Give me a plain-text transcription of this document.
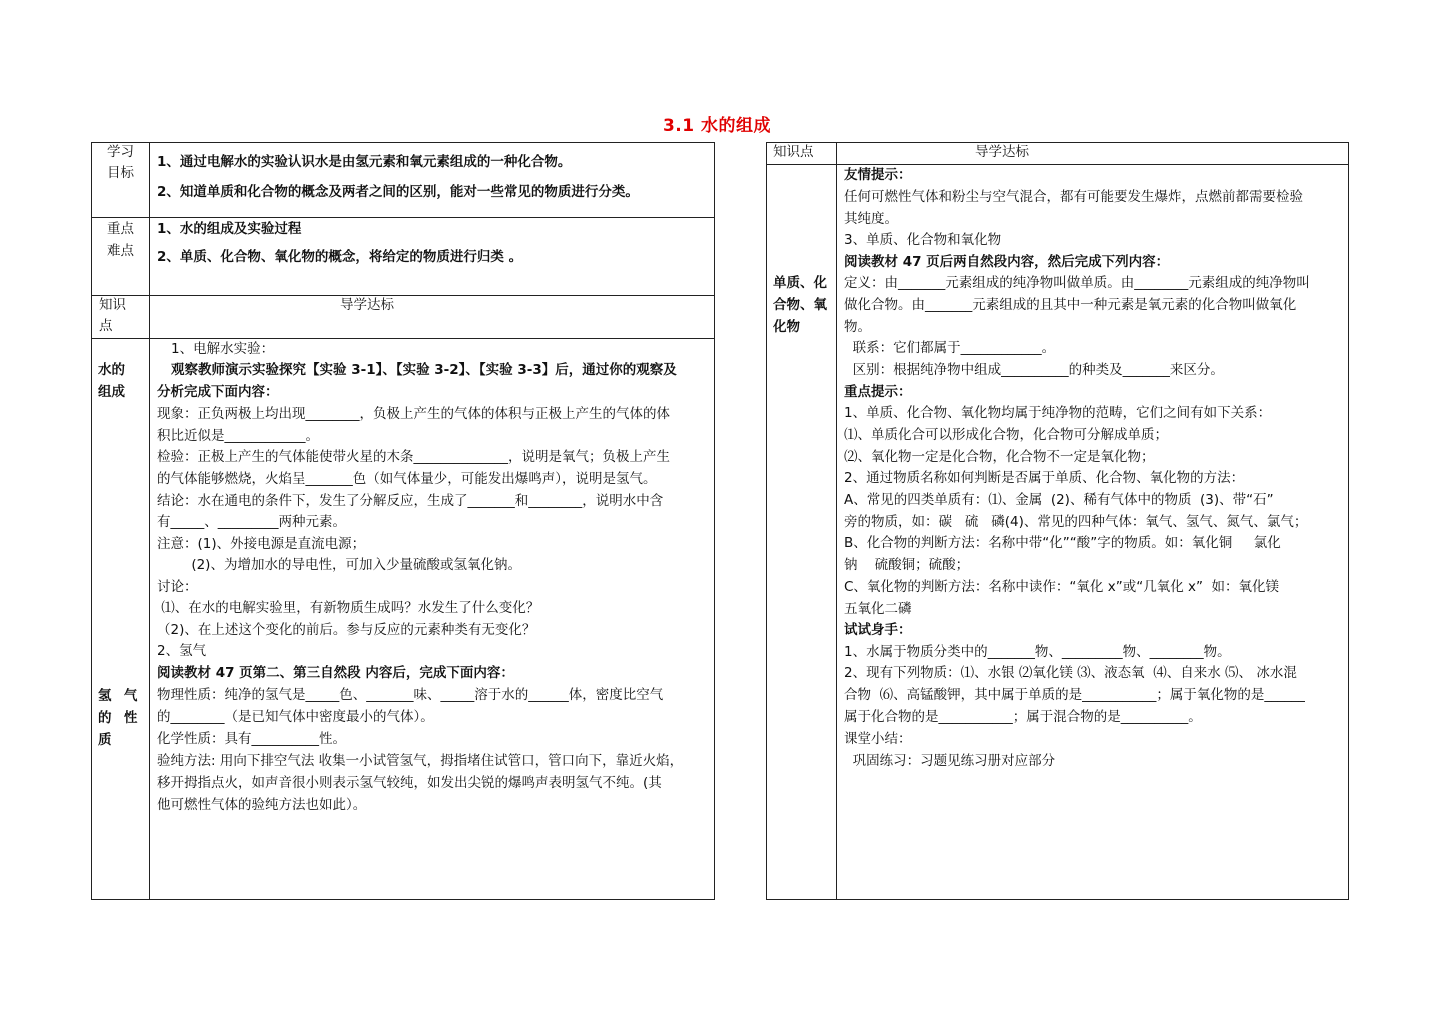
3.1 水的组成
学习
目标
1、通过电解水的实验认识水是由氢元素和氧元素组成的一种化合物。
2、知道单质和化合物的概念及两者之间的区别，能对一些常见的物质进行分类。
重点
难点
1、水的组成及实验过程
2、单质、化合物、氧化物的概念，将给定的物质进行归类 。
知识
点
导学达标
水的
组成
氢  气
的  性
质
1、电解水实验：
观察教师演示实验探究【实验 3-1】、【实验 3-2】、【实验 3-3】后，通过你的观察及
分析完成下面内容：
现象：正负两极上均出现________，负极上产生的气体的体积与正极上产生的气体的体
积比近似是____________。
检验：正极上产生的气体能使带火星的木条______________，说明是氧气；负极上产生
的气体能够燃烧，火焰呈_______色（如气体量少，可能发出爆鸣声），说明是氢气。
结论：水在通电的条件下，发生了分解反应，生成了_______和________，说明水中含
有_____、_________两种元素。
注意：(1)、外接电源是直流电源；
(2)、为增加水的导电性，可加入少量硫酸或氢氧化钠。
讨论：
⑴、在水的电解实验里，有新物质生成吗？水发生了什么变化？
（2)、在上述这个变化的前后。参与反应的元素种类有无变化？
2、氢气
阅读教材 47 页第二、第三自然段 内容后，完成下面内容：
物理性质：纯净的氢气是_____色、_______味、_____溶于水的______体，密度比空气
的________（是已知气体中密度最小的气体）。
化学性质：具有__________性。
验纯方法: 用向下排空气法 收集一小试管氢气，拇指堵住试管口，管口向下，靠近火焰，
移开拇指点火，如声音很小则表示氢气较纯，如发出尖锐的爆鸣声表明氢气不纯。(其
他可燃性气体的验纯方法也如此）。
知识点	导学达标
单质、化
合物、氧
化物
友情提示：
任何可燃性气体和粉尘与空气混合，都有可能要发生爆炸，点燃前都需要检验
其纯度。
3、单质、化合物和氧化物
阅读教材 47 页后两自然段内容，然后完成下列内容：
定义：由_______元素组成的纯净物叫做单质。由________元素组成的纯净物叫
做化合物。由_______元素组成的且其中一种元素是氧元素的化合物叫做氧化
物。
联系：它们都属于____________。
区别：根据纯净物中组成__________的种类及_______来区分。
重点提示：
1、单质、化合物、氧化物均属于纯净物的范畴，它们之间有如下关系：
⑴、单质化合可以形成化合物，化合物可分解成单质；
⑵、氧化物一定是化合物，化合物不一定是氧化物；
2、通过物质名称如何判断是否属于单质、化合物、氧化物的方法：
A、常见的四类单质有：⑴、金属  (2)、稀有气体中的物质  (3)、带“石”
旁的物质，如：碳   硫   磷(4)、常见的四种气体：氧气、氢气、氮气、氯气；
B、化合物的判断方法：名称中带“化”“酸”字的物质。如：氧化铜     氯化
钠    硫酸铜；硫酸；
C、氧化物的判断方法：名称中读作：“氧化 x”或“几氧化 x”  如：氧化镁
五氧化二磷
试试身手：
1、水属于物质分类中的_______物、_________物、________物。
2、现有下列物质：⑴、水银 ⑵氧化镁 ⑶、液态氧  ⑷、自来水 ⑸、 冰水混
合物  ⑹、高锰酸钾，其中属于单质的是___________；属于氧化物的是______
属于化合物的是___________；属于混合物的是__________。
课堂小结：
巩固练习：习题见练习册对应部分
